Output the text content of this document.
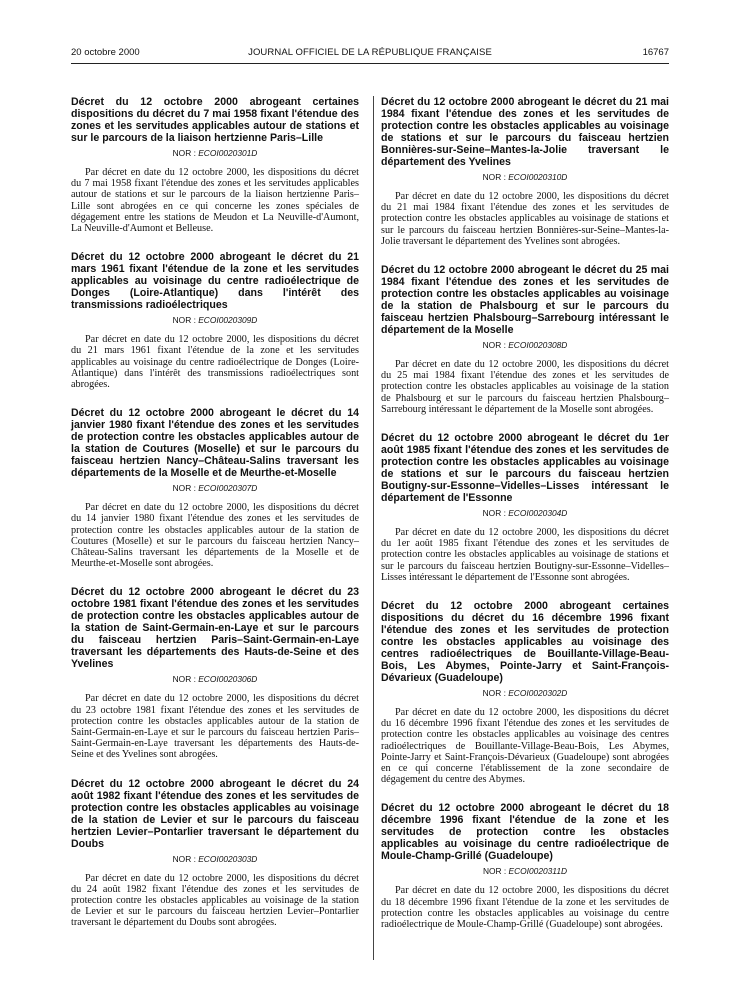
20 octobre 2000	JOURNAL OFFICIEL DE LA RÉPUBLIQUE FRANÇAISE	16767

Décret du 12 octobre 2000 abrogeant certaines dispositions du décret du 7 mai 1958 fixant l'étendue des zones et les servitudes applicables autour de stations et sur le parcours de la liaison hertzienne Paris–Lille

NOR : ECOI0020301D

Par décret en date du 12 octobre 2000, les dispositions du décret du 7 mai 1958 fixant l'étendue des zones et les servitudes applicables autour de stations et sur le parcours de la liaison hertzienne Paris–Lille sont abrogées en ce qui concerne les zones spéciales de dégagement entre les stations de Meudon et La Neuville-d'Aumont, La Neuville-d'Aumont et Belleuse.

Décret du 12 octobre 2000 abrogeant le décret du 21 mars 1961 fixant l'étendue de la zone et les servitudes applicables au voisinage du centre radioélectrique de Donges (Loire-Atlantique) dans l'intérêt des transmissions radioélectriques

NOR : ECOI0020309D

Par décret en date du 12 octobre 2000, les dispositions du décret du 21 mars 1961 fixant l'étendue de la zone et les servitudes applicables au voisinage du centre radioélectrique de Donges (Loire-Atlantique) dans l'intérêt des transmissions radioélectriques sont abrogées.

Décret du 12 octobre 2000 abrogeant le décret du 14 janvier 1980 fixant l'étendue des zones et les servitudes de protection contre les obstacles applicables autour de la station de Coutures (Moselle) et sur le parcours du faisceau hertzien Nancy–Château-Salins traversant les départements de la Moselle et de Meurthe-et-Moselle

NOR : ECOI0020307D

Par décret en date du 12 octobre 2000, les dispositions du décret du 14 janvier 1980 fixant l'étendue des zones et les servitudes de protection contre les obstacles applicables autour de la station de Coutures (Moselle) et sur le parcours du faisceau hertzien Nancy–Château-Salins traversant les départements de la Moselle et de Meurthe-et-Moselle sont abrogées.

Décret du 12 octobre 2000 abrogeant le décret du 23 octobre 1981 fixant l'étendue des zones et les servitudes de protection contre les obstacles applicables autour de la station de Saint-Germain-en-Laye et sur le parcours du faisceau hertzien Paris–Saint-Germain-en-Laye traversant les départements des Hauts-de-Seine et des Yvelines

NOR : ECOI0020306D

Par décret en date du 12 octobre 2000, les dispositions du décret du 23 octobre 1981 fixant l'étendue des zones et les servitudes de protection contre les obstacles applicables autour de la station de Saint-Germain-en-Laye et sur le parcours du faisceau hertzien Paris–Saint-Germain-en-Laye traversant les départements des Hauts-de-Seine et des Yvelines sont abrogées.

Décret du 12 octobre 2000 abrogeant le décret du 24 août 1982 fixant l'étendue des zones et les servitudes de protection contre les obstacles applicables au voisinage de la station de Levier et sur le parcours du faisceau hertzien Levier–Pontarlier traversant le département du Doubs

NOR : ECOI0020303D

Par décret en date du 12 octobre 2000, les dispositions du décret du 24 août 1982 fixant l'étendue des zones et les servitudes de protection contre les obstacles applicables au voisinage de la station de Levier et sur le parcours du faisceau hertzien Levier–Pontarlier traversant le département du Doubs sont abrogées.

Décret du 12 octobre 2000 abrogeant le décret du 21 mai 1984 fixant l'étendue des zones et les servitudes de protection contre les obstacles applicables au voisinage de stations et sur le parcours du faisceau hertzien Bonnières-sur-Seine–Mantes-la-Jolie traversant le département des Yvelines

NOR : ECOI0020310D

Par décret en date du 12 octobre 2000, les dispositions du décret du 21 mai 1984 fixant l'étendue des zones et les servitudes de protection contre les obstacles applicables au voisinage de stations et sur le parcours du faisceau hertzien Bonnières-sur-Seine–Mantes-la-Jolie traversant le département des Yvelines sont abrogées.

Décret du 12 octobre 2000 abrogeant le décret du 25 mai 1984 fixant l'étendue des zones et les servitudes de protection contre les obstacles applicables au voisinage de la station de Phalsbourg et sur le parcours du faisceau hertzien Phalsbourg–Sarrebourg intéressant le département de la Moselle

NOR : ECOI0020308D

Par décret en date du 12 octobre 2000, les dispositions du décret du 25 mai 1984 fixant l'étendue des zones et les servitudes de protection contre les obstacles applicables au voisinage de la station de Phalsbourg et sur le parcours du faisceau hertzien Phalsbourg–Sarrebourg intéressant le département de la Moselle sont abrogées.

Décret du 12 octobre 2000 abrogeant le décret du 1er août 1985 fixant l'étendue des zones et les servitudes de protection contre les obstacles applicables au voisinage de stations et sur le parcours du faisceau hertzien Boutigny-sur-Essonne–Videlles–Lisses intéressant le département de l'Essonne

NOR : ECOI0020304D

Par décret en date du 12 octobre 2000, les dispositions du décret du 1er août 1985 fixant l'étendue des zones et les servitudes de protection contre les obstacles applicables au voisinage de stations et sur le parcours du faisceau hertzien Boutigny-sur-Essonne–Videlles–Lisses intéressant le département de l'Essonne sont abrogées.

Décret du 12 octobre 2000 abrogeant certaines dispositions du décret du 16 décembre 1996 fixant l'étendue des zones et les servitudes de protection contre les obstacles applicables au voisinage des centres radioélectriques de Bouillante-Village-Beau-Bois, Les Abymes, Pointe-Jarry et Saint-François-Dévarieux (Guadeloupe)

NOR : ECOI0020302D

Par décret en date du 12 octobre 2000, les dispositions du décret du 16 décembre 1996 fixant l'étendue des zones et les servitudes de protection contre les obstacles applicables au voisinage des centres radioélectriques de Bouillante-Village-Beau-Bois, Les Abymes, Pointe-Jarry et Saint-François-Dévarieux (Guadeloupe) sont abrogées en ce qui concerne l'établissement de la zone secondaire de dégagement du centre des Abymes.

Décret du 12 octobre 2000 abrogeant le décret du 18 décembre 1996 fixant l'étendue de la zone et les servitudes de protection contre les obstacles applicables au voisinage du centre radioélectrique de Moule-Champ-Grillé (Guadeloupe)

NOR : ECOI0020311D

Par décret en date du 12 octobre 2000, les dispositions du décret du 18 décembre 1996 fixant l'étendue de la zone et les servitudes de protection contre les obstacles applicables au voisinage du centre radioélectrique de Moule-Champ-Grillé (Guadeloupe) sont abrogées.
